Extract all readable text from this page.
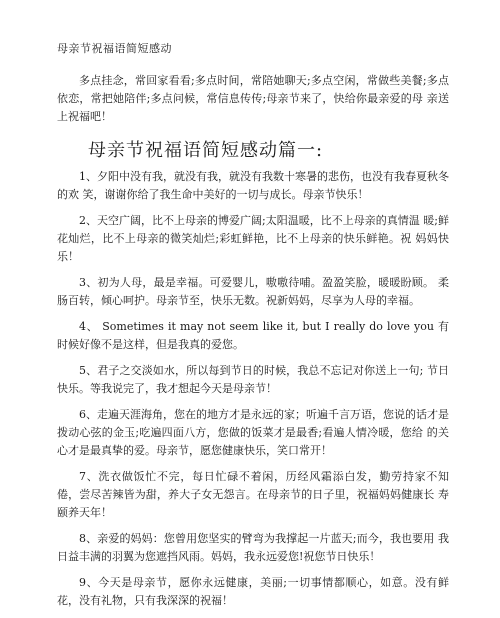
母亲节祝福语简短感动

多点挂念，常回家看看;多点时间，常陪她聊天;多点空闲，常做些美餐;多点依恋，常把她陪伴;多点问候，常信息传传;母亲节来了，快给你最亲爱的母 亲送上祝福吧！

母亲节祝福语简短感动篇一:

1、夕阳中没有我，就没有我，就没有我数十寒暑的悲伤，也没有我春夏秋冬的欢 笑，谢谢你给了我生命中美好的一切与成长。母亲节快乐！

2、天空广阔，比不上母亲的博爱广阔;太阳温暖，比不上母亲的真情温 暖;鲜花灿烂，比不上母亲的微笑灿烂;彩虹鲜艳，比不上母亲的快乐鲜艳。祝 妈妈快乐！

3、初为人母，最是幸福。可爱婴儿，嗷嗷待哺。盈盈笑脸，暖暖盼顾。 柔肠百转，倾心呵护。母亲节至，快乐无数。祝新妈妈，尽享为人母的幸福。

4、 Sometimes it may not seem like it, but I really do love you 有时候好像不是这样，但是我真的爱您。

5、君子之交淡如水，所以每到节日的时候，我总不忘记对你送上一句; 节日快乐。等我说完了，我才想起今天是母亲节！

6、走遍天涯海角，您在的地方才是永远的家；听遍千言万语，您说的话才是拨动心弦的金玉;吃遍四面八方，您做的饭菜才是最香;看遍人情冷暖，您给 的关心才是最真挚的爱。母亲节，愿您健康快乐，笑口常开！

7、洗衣做饭忙不完，每日忙碌不着闲，历经风霜添白发，勤劳持家不知 倦，尝尽苦辣皆为甜，养大子女无怨言。在母亲节的日子里，祝福妈妈健康长 寿颐养天年！

8、亲爱的妈妈：您曾用您坚实的臂弯为我撑起一片蓝天;而今，我也要用 我日益丰满的羽翼为您遮挡风雨。妈妈，我永远爱您!祝您节日快乐！

9、今天是母亲节，愿你永远健康，美丽;一切事情都顺心，如意。没有鲜 花，没有礼物，只有我深深的祝福！
